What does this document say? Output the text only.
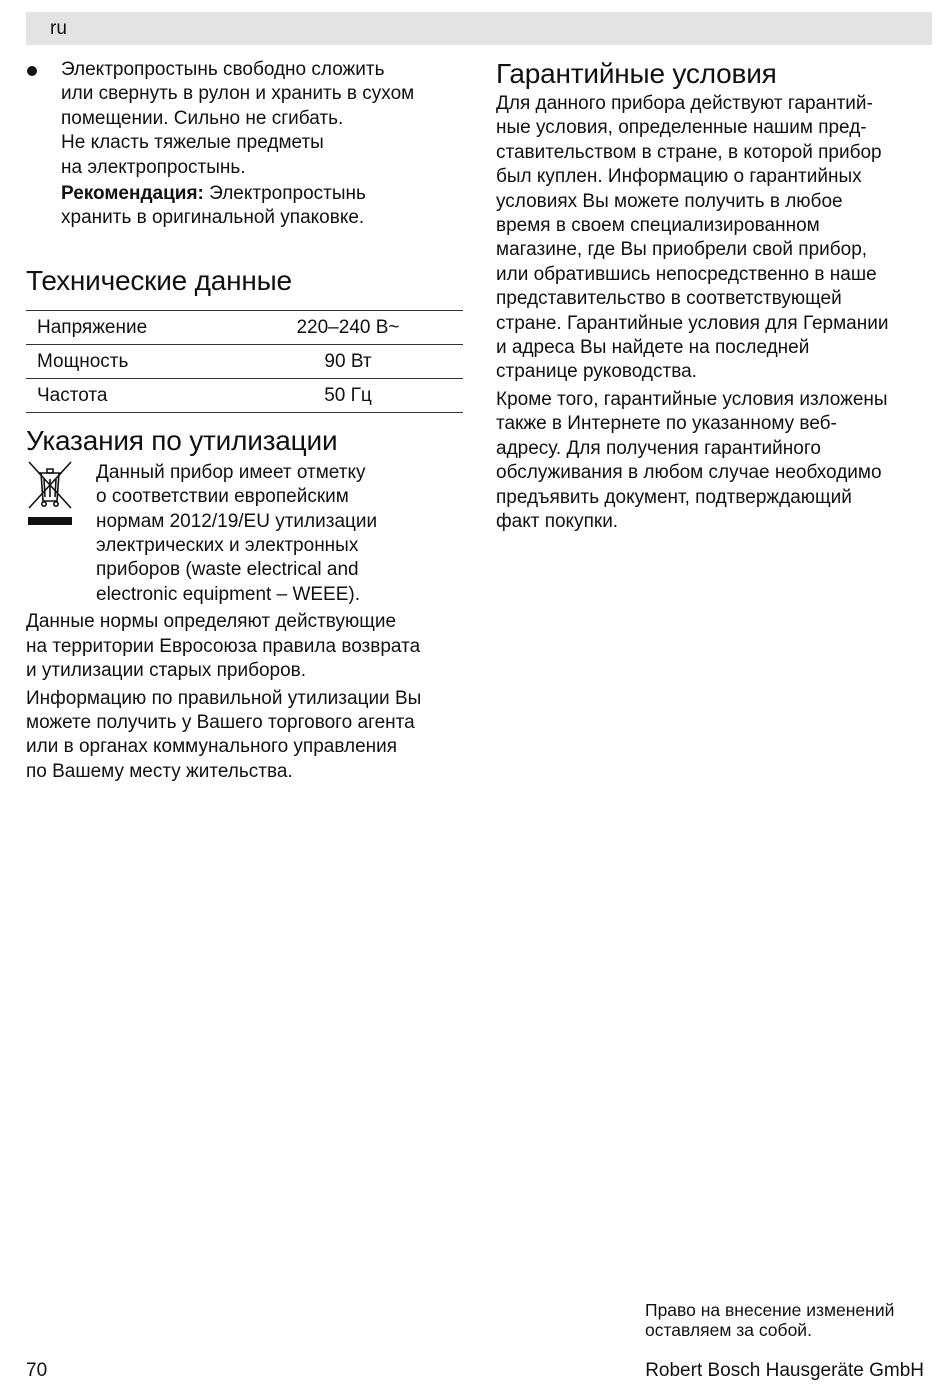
ru

Электропростынь свободно сложить
или свернуть в рулон и хранить в сухом
помещении. Сильно не сгибать.
Не класть тяжелые предметы
на электропростынь.

Рекомендация: Электропростынь
хранить в оригинальной упаковке.

Технические данные
Напряжение	220–240 В~
Мощность	90 Вт
Частота	50 Гц
Указания по утилизации

Данный прибор имеет отметку
о соответствии европейским
нормам 2012/19/EU утилизации
электрических и электронных
приборов (waste electrical and
electronic equipment – WEEE).

Данные нормы определяют действующие
на территории Евросоюза правила возврата
и утилизации старых приборов.

Информацию по правильной утилизации Вы
можете получить у Вашего торгового агента
или в органах коммунального управления
по Вашему месту жительства.

Гарантийные условия

Для данного прибора действуют гарантий-
ные условия, определенные нашим пред-
ставительством в стране, в которой прибор
был куплен. Информацию о гарантийных
условиях Вы можете получить в любое
время в своем специализированном
магазине, где Вы приобрели свой прибор,
или обратившись непосредственно в наше
представительство в соответствующей
стране. Гарантийные условия для Германии
и адреса Вы найдете на последней
странице руководства.

Кроме того, гарантийные условия изложены
также в Интернете по указанному веб-
адресу. Для получения гарантийного
обслуживания в любом случае необходимо
предъявить документ, подтверждающий
факт покупки.

Право на внесение изменений
оставляем за собой.

70	Robert Bosch Hausgeräte GmbH
